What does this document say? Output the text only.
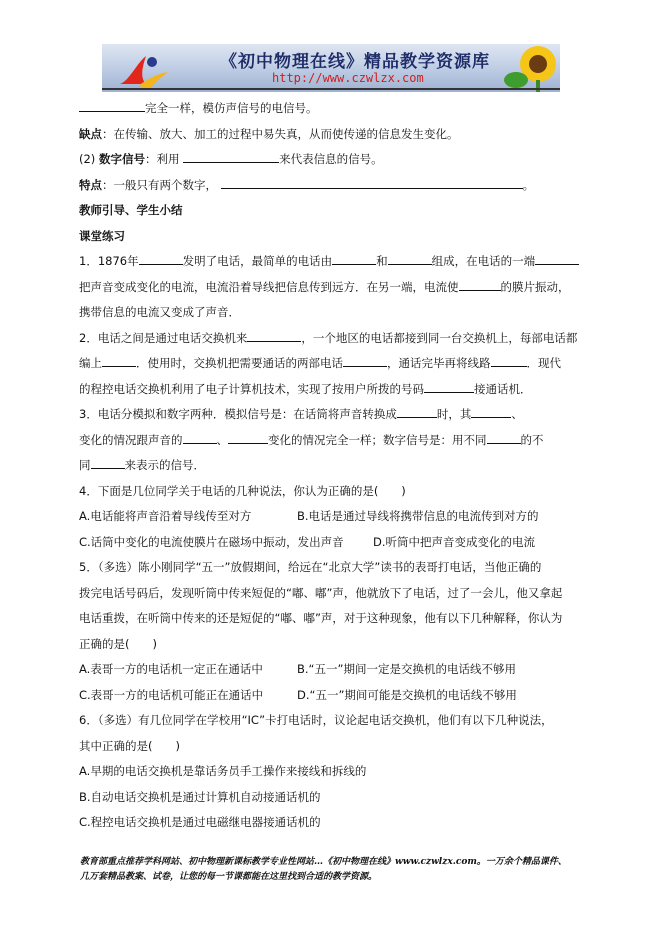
《初中物理在线》精品教学资源库
http://www.czwlzx.com
完全一样，模仿声信号的电信号。
缺点：在传输、放大、加工的过程中易失真，从而使传递的信息发生变化。
(2) 数字信号：利用	来代表信息的信号。
特点：一般只有两个数字，	。
教师引导、学生小结
课堂练习
1．1876年	发明了电话，最简单的电话由	和	组成，在电话的一端
把声音变成变化的电流，电流沿着导线把信息传到远方．在另一端，电流使	的膜片振动，
携带信息的电流又变成了声音．
2．电话之间是通过电话交换机来	，一个地区的电话都接到同一台交换机上，每部电话都
编上	．使用时，交换机把需要通话的两部电话	，通话完毕再将线路	．现代
的程控电话交换机利用了电子计算机技术，实现了按用户所拨的号码	接通话机．
3．电话分模拟和数字两种．模拟信号是：在话筒将声音转换成	时，其	、
变化的情况跟声音的	、	变化的情况完全一样；数字信号是：用不同	的不
同	来表示的信号．
4．下面是几位同学关于电话的几种说法，你认为正确的是(　　)
A.电话能将声音沿着导线传至对方	B.电话是通过导线将携带信息的电流传到对方的
C.话筒中变化的电流使膜片在磁场中振动，发出声音	D.听筒中把声音变成变化的电流
5．（多选）陈小刚同学“五一”放假期间，给远在“北京大学”读书的表哥打电话，当他正确的
拨完电话号码后，发现听筒中传来短促的“嘟、嘟”声，他就放下了电话，过了一会儿，他又拿起
电话重拨，在听筒中传来的还是短促的“嘟、嘟”声，对于这种现象，他有以下几种解释，你认为
正确的是(　　)
A.表哥一方的电话机一定正在通话中	B.“五一”期间一定是交换机的电话线不够用
C.表哥一方的电话机可能正在通话中	D.“五一”期间可能是交换机的电话线不够用
6．（多选）有几位同学在学校用“IC”卡打电话时，议论起电话交换机，他们有以下几种说法，
其中正确的是(　　)
A.早期的电话交换机是靠话务员手工操作来接线和拆线的
B.自动电话交换机是通过计算机自动接通话机的
C.程控电话交换机是通过电磁继电器接通话机的
教育部重点推荐学科网站、初中物理新课标教学专业性网站…《初中物理在线》www.czwlzx.com。一万余个精品课件、
几万套精品教案、试卷，让您的每一节课都能在这里找到合适的教学资源。
